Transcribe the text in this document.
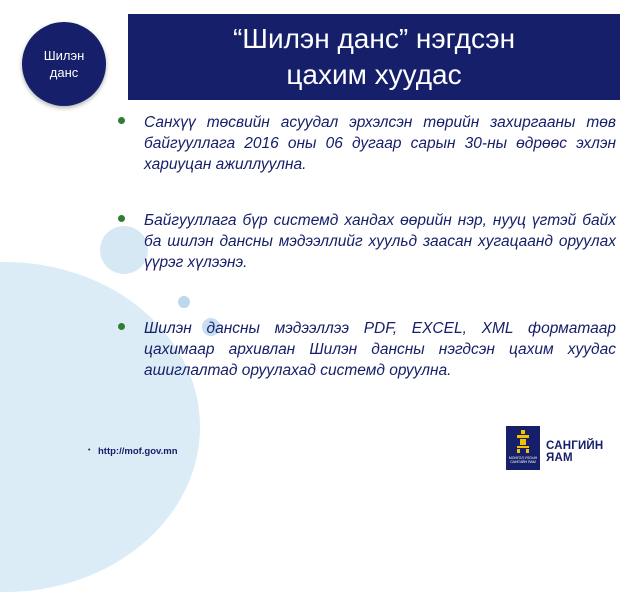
Шилэн данс
“Шилэн данс” нэгдсэн цахим хуудас
Санхүү төсвийн асуудал эрхэлсэн төрийн захиргааны төв байгууллага 2016 оны 06 дугаар сарын 30-ны өдрөөс эхлэн хариуцан ажиллуулна.
Байгууллага бүр системд хандах өөрийн нэр, нууц үгтэй байх ба шилэн дансны мэдээллийг хуульд заасан хугацаанд оруулах үүрэг хүлээнэ.
Шилэн дансны мэдээллээ PDF, EXCEL, XML форматаар цахимаар архивлан Шилэн дансны нэгдсэн цахим хуудас ашиглалтад оруулахад системд оруулна.
• http://mof.gov.mn
МОНГОЛ УЛСЫН САНГИЙН ЯАМ
САНГИЙН ЯАМ
